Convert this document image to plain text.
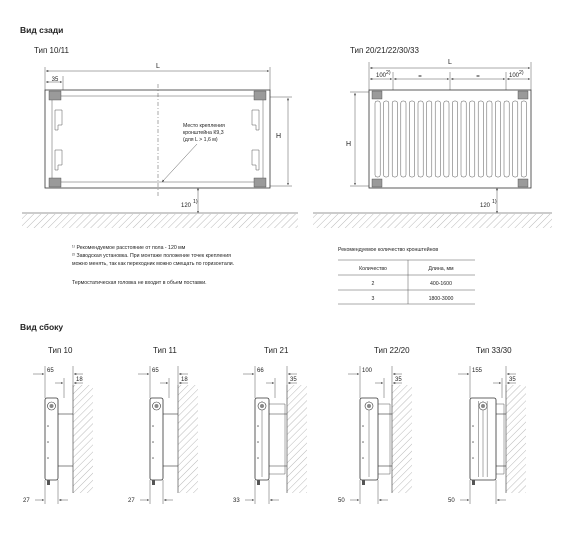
Вид сзади
Тип 10/11
L
35
H
Место крепления
кронштейна К9,3
(для L > 1,6 м)
120
1)
Тип 20/21/22/30/33
L
100 2)
=	=	100 2)
H
120
1)
¹⁾ Рекомендуемое расстояние от пола - 120 мм
²⁾ Заводская установка. При монтаже положение точек крепления
можно менять, так как переходник можно смещать по горизонтали.
Термостатическая головка не входит в объем поставки.
Рекомендуемое количество кронштейнов
Количество	Длина, мм
2	400-1600
3	1800-3000
Вид сбоку
Тип 10
65
18
27
Тип 11
65
18
27
Тип 21
66
35
33
Тип 22/20
100
35
50
Тип 33/30
155
35
50
